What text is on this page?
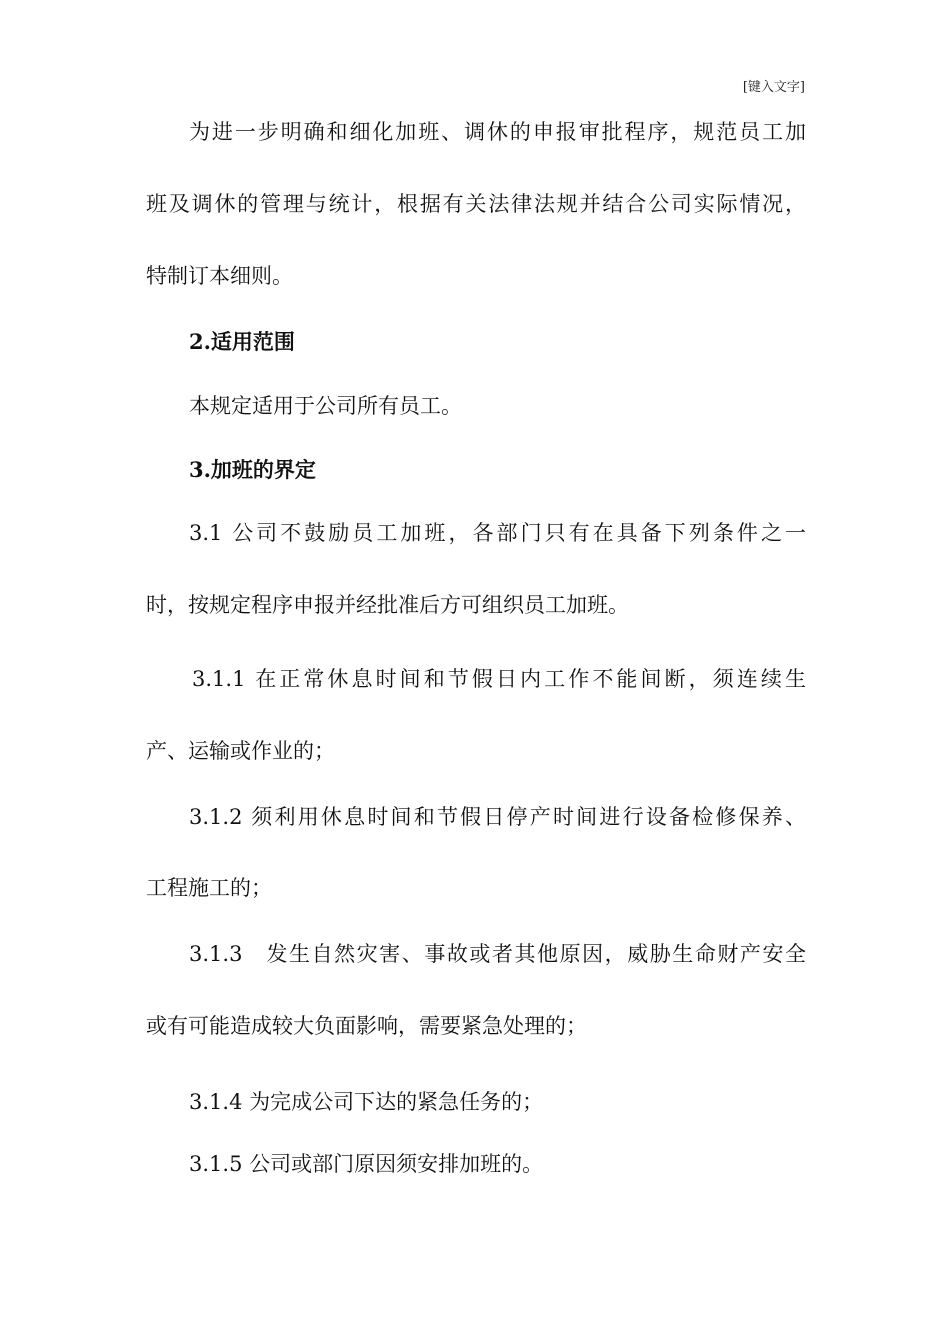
[键入文字]
为进一步明确和细化加班、调休的申报审批程序，规范员工加
班及调休的管理与统计，根据有关法律法规并结合公司实际情况，
特制订本细则。
2.适用范围
本规定适用于公司所有员工。
3.加班的界定
3.1 公司不鼓励员工加班，各部门只有在具备下列条件之一
时，按规定程序申报并经批准后方可组织员工加班。
3.1.1 在正常休息时间和节假日内工作不能间断，须连续生
产、运输或作业的；
3.1.2 须利用休息时间和节假日停产时间进行设备检修保养、
工程施工的；
3.1.3　发生自然灾害、事故或者其他原因，威胁生命财产安全
或有可能造成较大负面影响，需要紧急处理的；
3.1.4 为完成公司下达的紧急任务的；
3.1.5 公司或部门原因须安排加班的。
